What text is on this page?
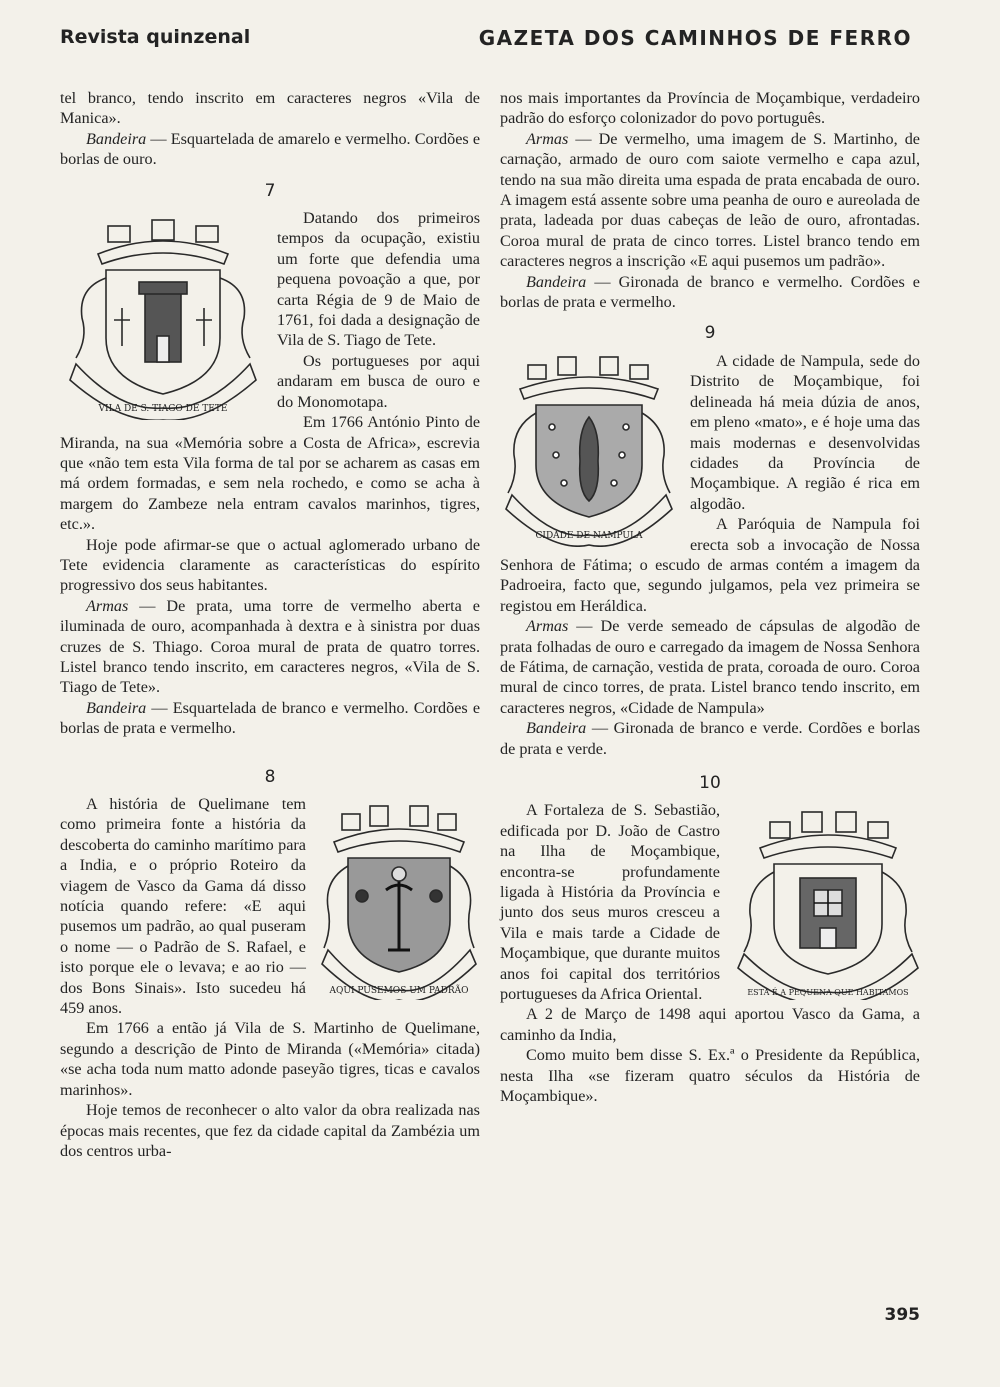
Revista quinzenal	GAZETA DOS CAMINHOS DE FERRO

tel branco, tendo inscrito em caracteres negros «Vila de Manica».

Bandeira — Esquartelada de amarelo e vermelho. Cordões e borlas de ouro.

7
VILA DE S. TIAGO DE TETE

Datando dos primeiros tempos da ocupação, existiu um forte que defendia uma pequena povoação a que, por carta Régia de 9 de Maio de 1761, foi dada a designação de Vila de S. Tiago de Tete.

Os portugueses por aqui andaram em busca de ouro e do Monomotapa.

Em 1766 António Pinto de Miranda, na sua «Memória sobre a Costa de Africa», escrevia que «não tem esta Vila forma de tal por se acharem as casas em má ordem formadas, e sem nela rochedo, e como se acha à margem do Zambeze nela entram cavalos marinhos, tigres, etc.».

Hoje pode afirmar-se que o actual aglomerado urbano de Tete evidencia claramente as características do espírito progressivo dos seus habitantes.

Armas — De prata, uma torre de vermelho aberta e iluminada de ouro, acompanhada à dextra e à sinistra por duas cruzes de S. Thiago. Coroa mural de prata de quatro torres. Listel branco tendo inscrito, em caracteres negros, «Vila de S. Tiago de Tete».

Bandeira — Esquartelada de branco e vermelho. Cordões e borlas de prata e vermelho.

8
AQUI PUSEMOS UM PADRÃO

A história de Quelimane tem como primeira fonte a história da descoberta do caminho marítimo para a India, e o próprio Roteiro da viagem de Vasco da Gama dá disso notícia quando refere: «E aqui pusemos um padrão, ao qual puseram o nome — o Padrão de S. Rafael, e isto porque ele o levava; e ao rio — dos Bons Sinais». Isto sucedeu há 459 anos.

Em 1766 a então já Vila de S. Martinho de Quelimane, segundo a descrição de Pinto de Miranda («Memória» citada) «se acha toda num matto adonde paseyão tigres, ticas e cavalos marinhos».

Hoje temos de reconhecer o alto valor da obra realizada nas épocas mais recentes, que fez da cidade capital da Zambézia um dos centros urba-

nos mais importantes da Província de Moçambique, verdadeiro padrão do esforço colonizador do povo português.

Armas — De vermelho, uma imagem de S. Martinho, de carnação, armado de ouro com saiote vermelho e capa azul, tendo na sua mão direita uma espada de prata encabada de ouro. A imagem está assente sobre uma peanha de ouro e aureolada de prata, ladeada por duas cabeças de leão de ouro, afrontadas. Coroa mural de prata de cinco torres. Listel branco tendo em caracteres negros a inscrição «E aqui pusemos um padrão».

Bandeira — Gironada de branco e vermelho. Cordões e borlas de prata e vermelho.

9
CIDADE DE NAMPULA

A cidade de Nampula, sede do Distrito de Moçambique, foi delineada há meia dúzia de anos, em pleno «mato», e é hoje uma das mais modernas e desenvolvidas cidades da Província de Moçambique. A região é rica em algodão.

A Paróquia de Nampula foi erecta sob a invocação de Nossa Senhora de Fátima; o escudo de armas contém a imagem da Padroeira, facto que, segundo julgamos, pela vez primeira se registou em Heráldica.

Armas — De verde semeado de cápsulas de algodão de prata folhadas de ouro e carregado da imagem de Nossa Senhora de Fátima, de carnação, vestida de prata, coroada de ouro. Coroa mural de cinco torres, de prata. Listel branco tendo inscrito, em caracteres negros, «Cidade de Nampula»

Bandeira — Gironada de branco e verde. Cordões e borlas de prata e verde.

10
ESTA É A PEQUENA QUE HABITAMOS

A Fortaleza de S. Sebastião, edificada por D. João de Castro na Ilha de Moçambique, encontra-se profundamente ligada à História da Província e junto dos seus muros cresceu a Vila e mais tarde a Cidade de Moçambique, que durante muitos anos foi capital dos territórios portugueses da Africa Oriental.

A 2 de Março de 1498 aqui aportou Vasco da Gama, a caminho da India,

Como muito bem disse S. Ex.ª o Presidente da República, nesta Ilha «se fizeram quatro séculos da História de Moçambique».

395
